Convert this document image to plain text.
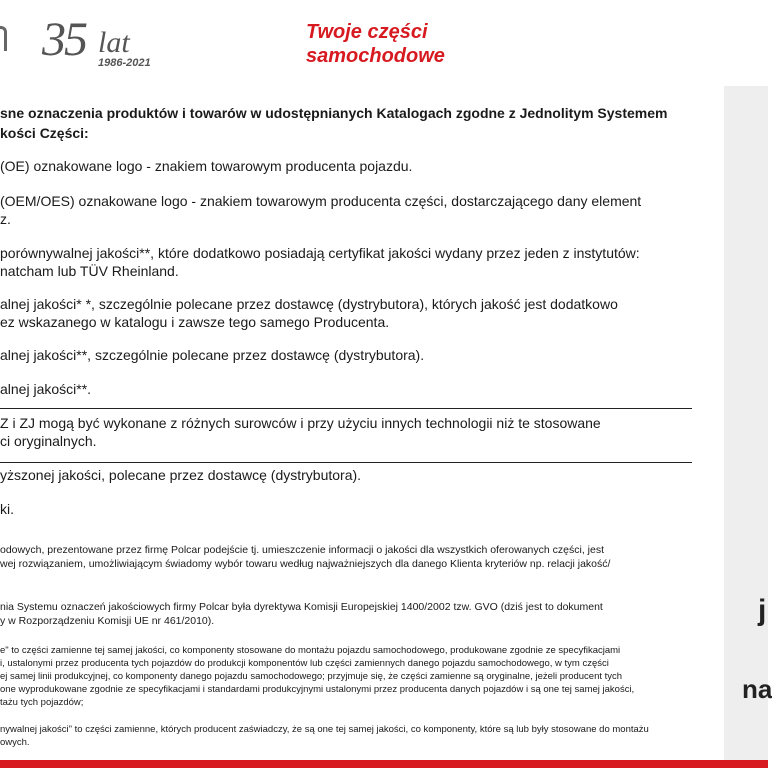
35 lat
1986-2021
Twoje części
samochodowe
sne oznaczenia produktów i towarów w udostępnianych Katalogach zgodne z Jednolitym Systemem
kości Części:
(OE) oznakowane logo - znakiem towarowym producenta pojazdu.
(OEM/OES) oznakowane logo - znakiem towarowym producenta części, dostarczającego dany element
z.
porównywalnej jakości**, które dodatkowo posiadają certyfikat jakości wydany przez jeden z instytutów:
natcham lub TÜV Rheinland.
alnej jakości* *, szczególnie polecane przez dostawcę (dystrybutora), których jakość jest dodatkowo
ez wskazanego w katalogu i zawsze tego samego Producenta.
alnej jakości**, szczególnie polecane przez dostawcę (dystrybutora).
alnej jakości**.
Z i ZJ mogą być wykonane z różnych surowców i przy użyciu innych technologii niż te stosowane
ci oryginalnych.
yższonej jakości, polecane przez dostawcę (dystrybutora).
ki.
odowych, prezentowane przez firmę Polcar podejście tj. umieszczenie informacji o jakości dla wszystkich oferowanych części, jest
wej rozwiązaniem, umożliwiającym świadomy wybór towaru według najważniejszych dla danego Klienta kryteriów np. relacji jakość/
nia Systemu oznaczeń jakościowych firmy Polcar była dyrektywa Komisji Europejskiej 1400/2002 tzw. GVO (dziś jest to dokument
y w Rozporządzeniu Komisji UE nr 461/2010).
e" to części zamienne tej samej jakości, co komponenty stosowane do montażu pojazdu samochodowego, produkowane zgodnie ze specyfikacjami
i, ustalonymi przez producenta tych pojazdów do produkcji komponentów lub części zamiennych danego pojazdu samochodowego, w tym części
ej samej linii produkcyjnej, co komponenty danego pojazdu samochodowego; przyjmuje się, że części zamienne są oryginalne, jeżeli producent tych
one wyprodukowane zgodnie ze specyfikacjami i standardami produkcyjnymi ustalonymi przez producenta danych pojazdów i są one tej samej jakości,
tażu tych pojazdów;
nywalnej jakości" to części zamienne, których producent zaświadczy, że są one tej samej jakości, co komponenty, które są lub były stosowane do montażu
owych.
j
na
